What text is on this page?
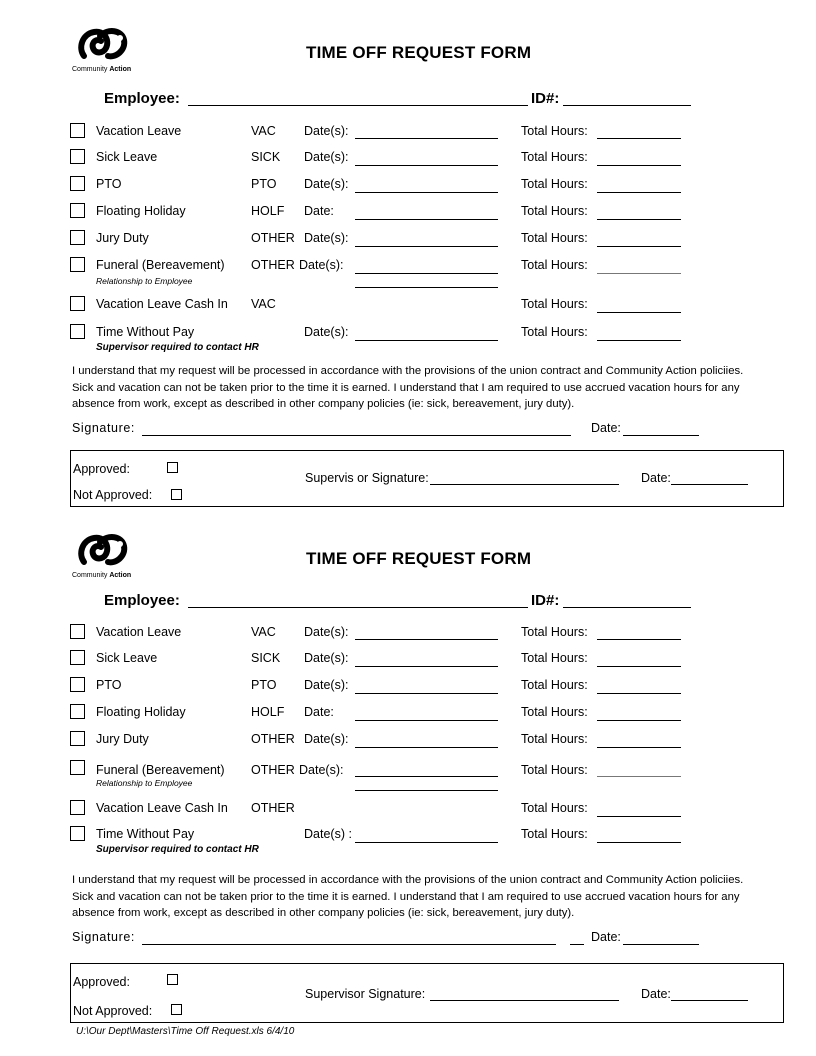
Community Action
TIME OFF REQUEST FORM
Employee:	ID#:
Vacation Leave	VAC Date(s):	Total Hours:
Sick Leave	SICK Date(s):	Total Hours:
PTO	PTO Date(s):	Total Hours:
Floating Holiday	HOLF Date:	Total Hours:
Jury Duty	OTHER Date(s):	Total Hours:
Funeral (Bereavement) OTHER Date(s):	Total Hours:
Relationship to Employee
Vacation Leave Cash In VAC	Total Hours:
Time Without Pay	Date(s):	Total Hours:
Supervisor required to contact HR
I understand that my request will be processed in accordance with the provisions of the union contract and Community Action policiies. Sick and vacation can not be taken prior to the time it is earned. I understand that I am required to use accrued vacation hours for any absence from work, except as described in other company policies (ie: sick, bereavement, jury duty).
Signature:	Date:
Approved:
Not Approved:
Supervis or Signature:	Date:
Community Action
TIME OFF REQUEST FORM
Employee:	ID#:
Vacation Leave	VAC Date(s):	Total Hours:
Sick Leave	SICK Date(s):	Total Hours:
PTO	PTO Date(s):	Total Hours:
Floating Holiday	HOLF Date:	Total Hours:
Jury Duty	OTHER Date(s):	Total Hours:
Funeral (Bereavement) OTHER Date(s):	Total Hours:
Relationship to Employee
Vacation Leave Cash In OTHER	Total Hours:
Time Without Pay	Date(s) :	Total Hours:
Supervisor required to contact HR
I understand that my request will be processed in accordance with the provisions of the union contract and Community Action policiies. Sick and vacation can not be taken prior to the time it is earned. I understand that I am required to use accrued vacation hours for any absence from work, except as described in other company policies (ie: sick, bereavement, jury duty).
Signature:	Date:
Approved:
Not Approved:
Supervisor Signature:	Date:
U:\Our Dept\Masters\Time Off Request.xls 6/4/10
